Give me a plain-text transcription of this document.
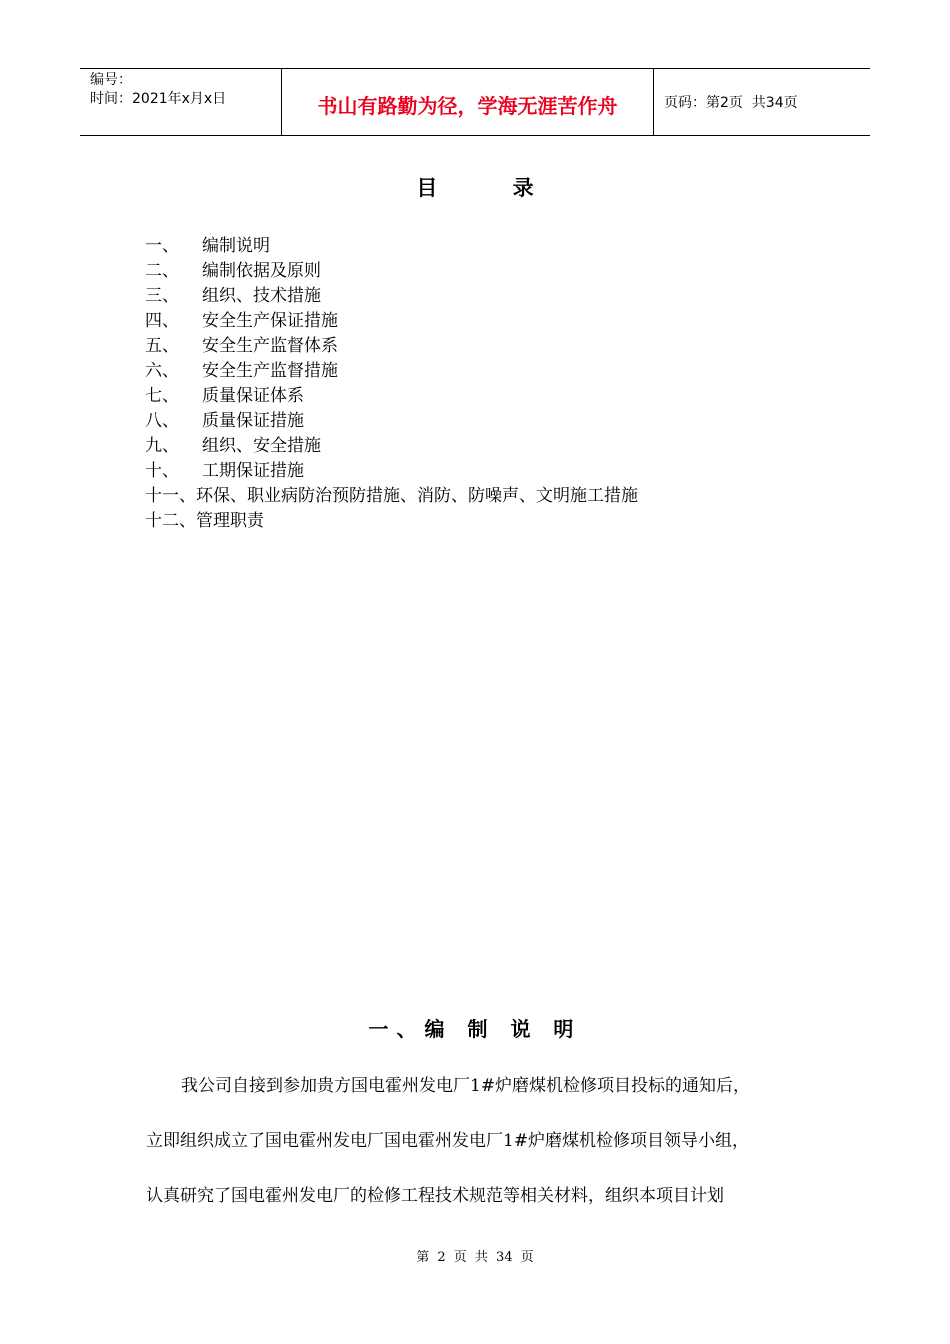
编号：
时间：2021年x月x日	书山有路勤为径，学海无涯苦作舟	页码：第2页  共34页
目 录
一、 编制说明
二、 编制依据及原则
三、 组织、技术措施
四、 安全生产保证措施
五、 安全生产监督体系
六、 安全生产监督措施
七、 质量保证体系
八、 质量保证措施
九、 组织、安全措施
十、 工期保证措施
十一、环保、职业病防治预防措施、消防、防噪声、文明施工措施
十二、管理职责
一、编 制 说 明

我公司自接到参加贵方国电霍州发电厂1#炉磨煤机检修项目投标的通知后，

立即组织成立了国电霍州发电厂国电霍州发电厂1#炉磨煤机检修项目领导小组，

认真研究了国电霍州发电厂的检修工程技术规范等相关材料，组织本项目计划

第 2 页 共 34 页
